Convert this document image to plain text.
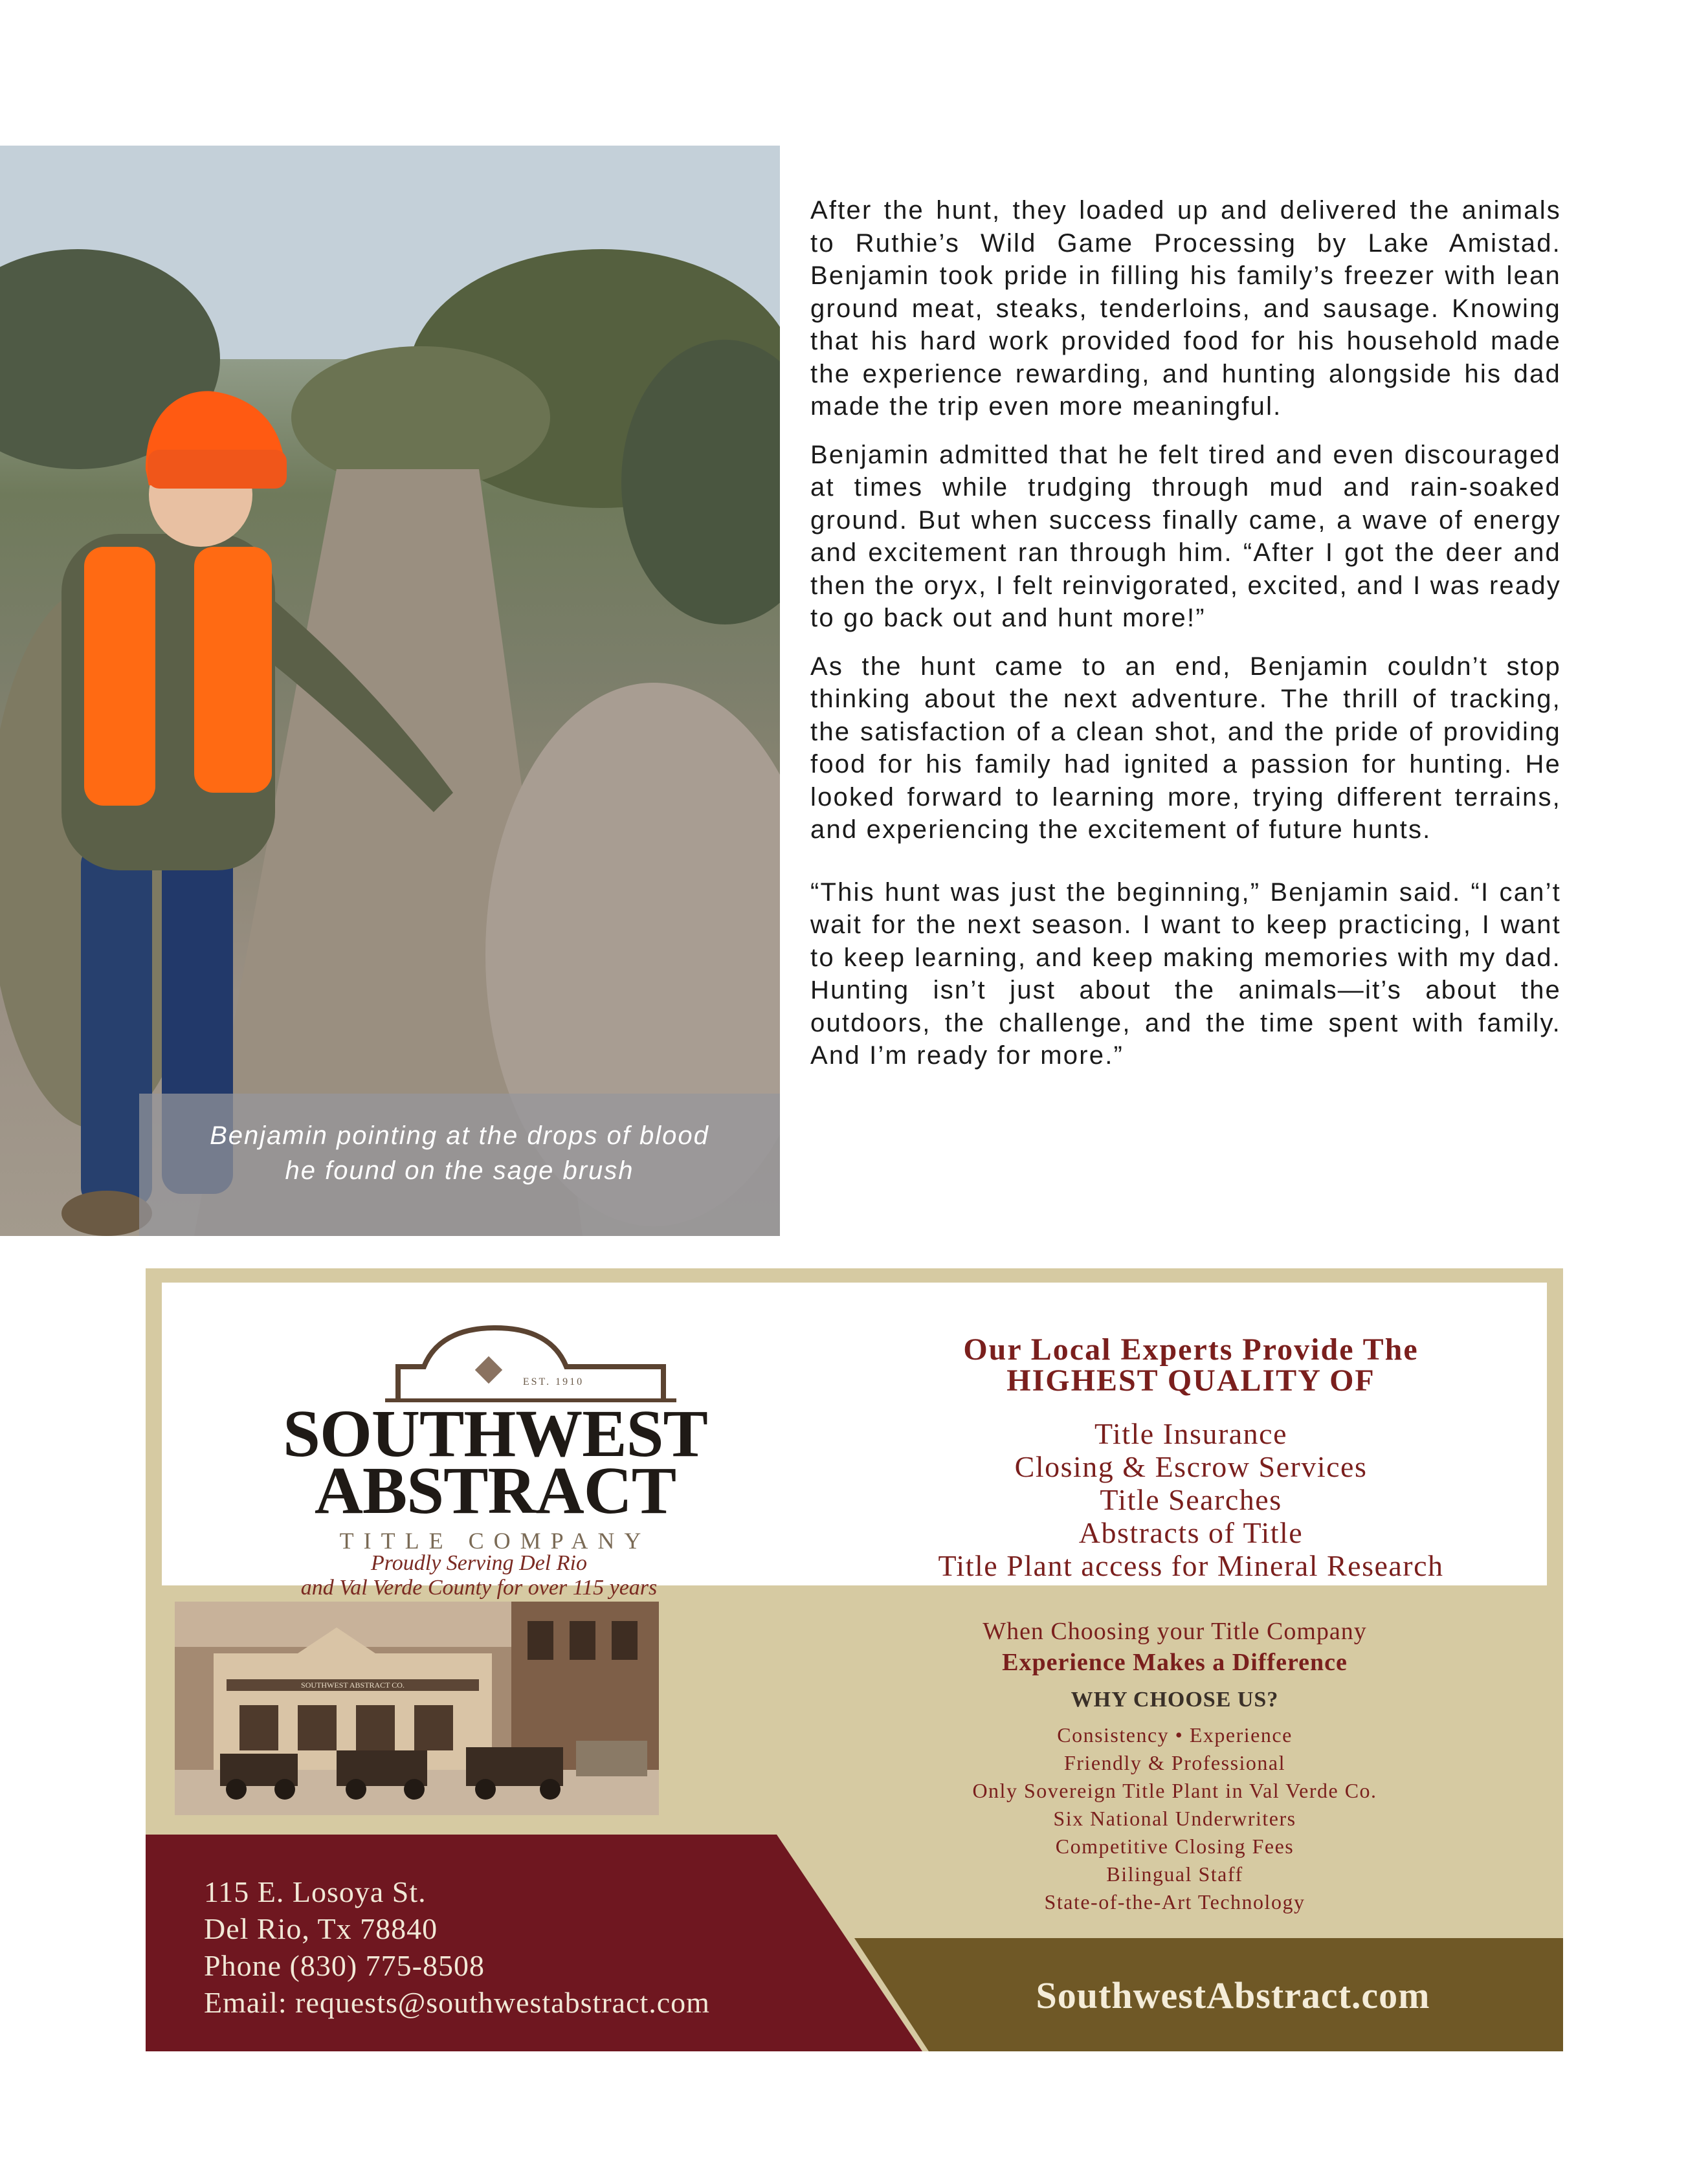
Benjamin pointing at the drops of blood
he found on the sage brush

After the hunt, they loaded up and delivered the animals to Ruthie’s Wild Game Processing by Lake Amistad. Benjamin took pride in filling his family’s freezer with lean ground meat, steaks, tenderloins, and sausage. Knowing that his hard work provided food for his household made the experience rewarding, and hunting alongside his dad made the trip even more meaningful.

Benjamin admitted that he felt tired and even discouraged at times while trudging through mud and rain-soaked ground. But when success finally came, a wave of energy and excitement ran through him. “After I got the deer and then the oryx, I felt reinvigorated, excited, and I was ready to go back out and hunt more!”

As the hunt came to an end, Benjamin couldn’t stop thinking about the next adventure. The thrill of tracking, the satisfaction of a clean shot, and the pride of providing food for his family had ignited a passion for hunting. He looked forward to learning more, trying different terrains, and experiencing the excitement of future hunts.

“This hunt was just the beginning,” Benjamin said. “I can’t wait for the next season. I want to keep practicing, I want to keep learning, and keep making memories with my dad. Hunting isn’t just about the animals—it’s about the outdoors, the challenge, and the time spent with family. And I’m ready for more.”

EST. 1910
SOUTHWEST
ABSTRACT
TITLE COMPANY
Proudly Serving Del Rio
and Val Verde County for over 115 years
Our Local Experts Provide The
HIGHEST QUALITY OF
Title Insurance
Closing & Escrow Services
Title Searches
Abstracts of Title
Title Plant access for Mineral Research
SOUTHWEST ABSTRACT CO.
When Choosing your Title Company
Experience Makes a Difference
WHY CHOOSE US?
Consistency • Experience
Friendly & Professional
Only Sovereign Title Plant in Val Verde Co.
Six National Underwriters
Competitive Closing Fees
Bilingual Staff
State-of-the-Art Technology
115 E. Losoya St.
Del Rio, Tx 78840
Phone (830) 775-8508
Email: requests@southwestabstract.com	SouthwestAbstract.com
